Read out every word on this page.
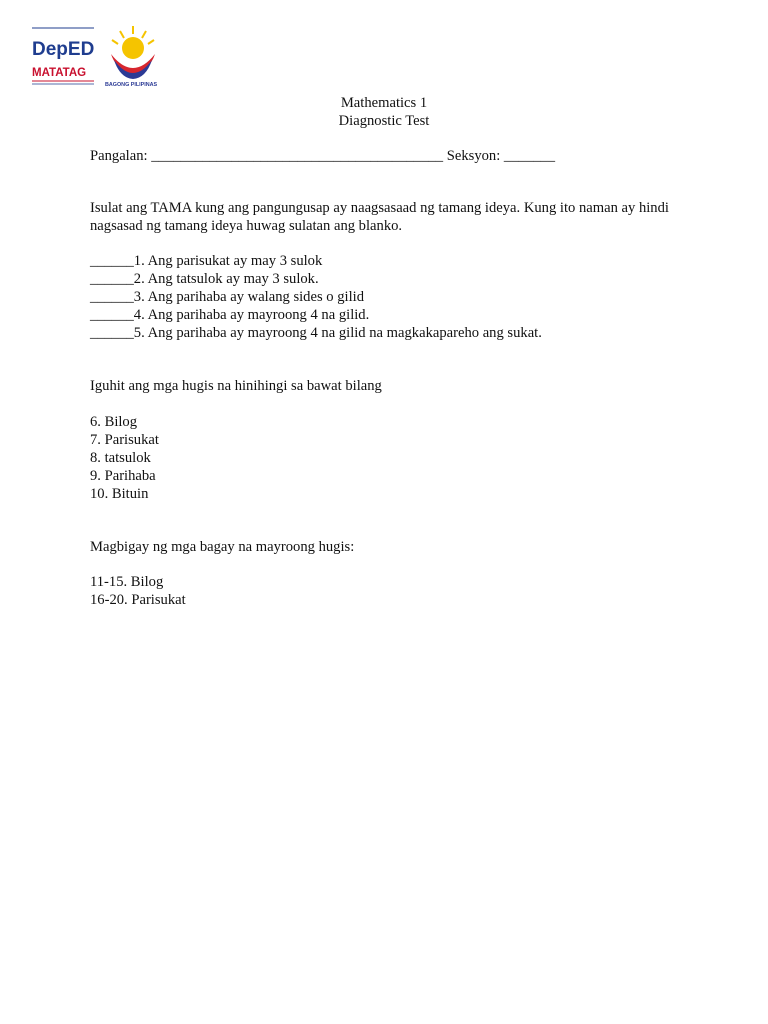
DepED
MATATAG
BAGONG PILIPINAS
Mathematics 1
Diagnostic Test
Pangalan: ________________________________________ Seksyon: _______
Isulat ang TAMA kung ang pangungusap ay naagsasaad ng tamang ideya. Kung ito naman ay hindi nagsasad ng tamang ideya huwag sulatan ang blanko.
______1. Ang parisukat ay may 3 sulok
______2. Ang tatsulok ay may 3 sulok.
______3. Ang parihaba ay walang sides o gilid
______4. Ang parihaba ay mayroong 4 na gilid.
______5. Ang parihaba ay mayroong 4 na gilid na magkakapareho ang sukat.
Iguhit ang mga hugis na hinihingi sa bawat bilang
6. Bilog
7. Parisukat
8. tatsulok
9. Parihaba
10. Bituin
Magbigay ng mga bagay na mayroong hugis:
11-15. Bilog
16-20. Parisukat
